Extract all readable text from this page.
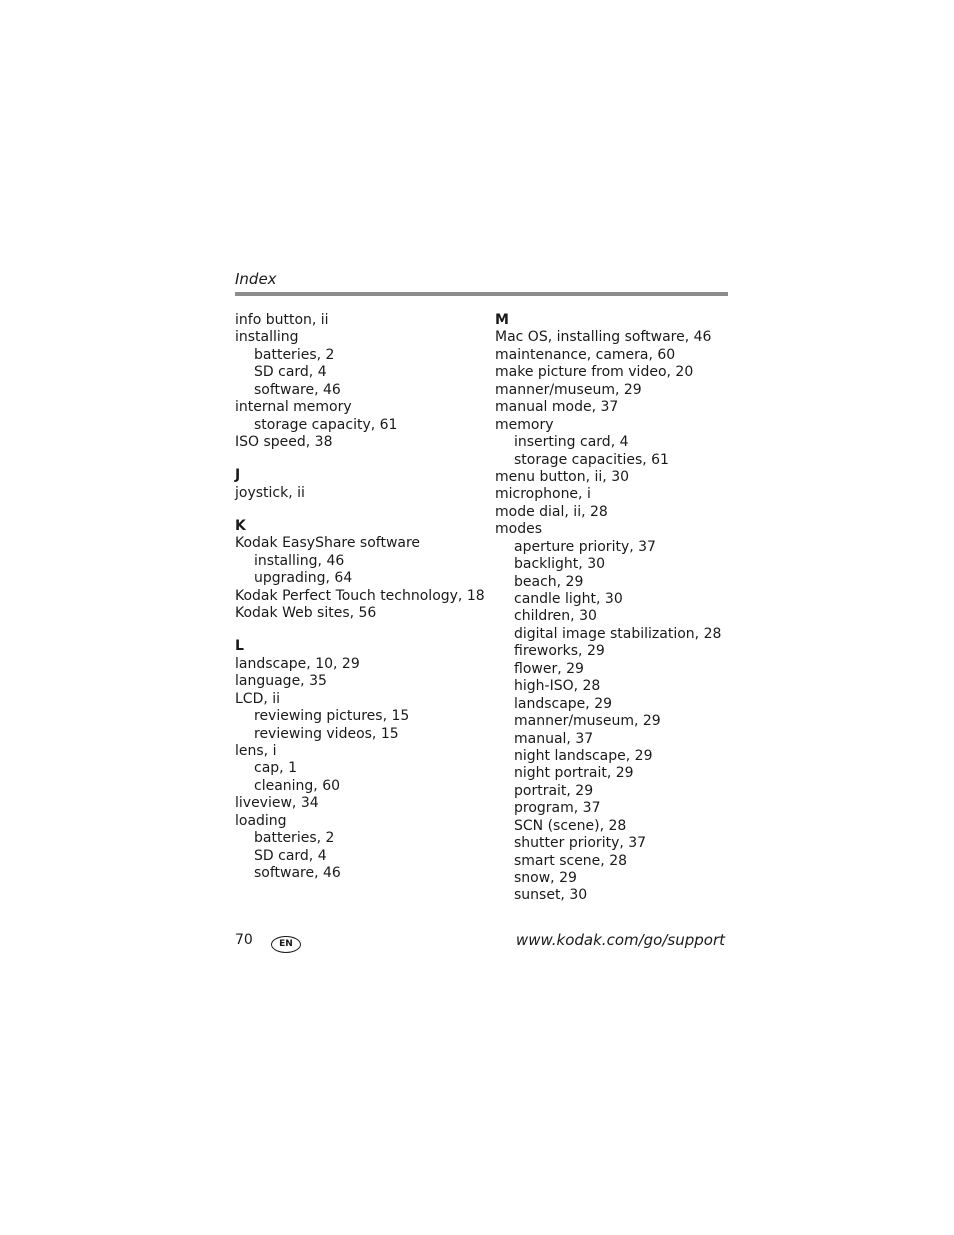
Index
info button, ii
installing
batteries, 2
SD card, 4
software, 46
internal memory
storage capacity, 61
ISO speed, 38
J
joystick, ii
K
Kodak EasyShare software
installing, 46
upgrading, 64
Kodak Perfect Touch technology, 18
Kodak Web sites, 56
L
landscape, 10, 29
language, 35
LCD, ii
reviewing pictures, 15
reviewing videos, 15
lens, i
cap, 1
cleaning, 60
liveview, 34
loading
batteries, 2
SD card, 4
software, 46
M
Mac OS, installing software, 46
maintenance, camera, 60
make picture from video, 20
manner/museum, 29
manual mode, 37
memory
inserting card, 4
storage capacities, 61
menu button, ii, 30
microphone, i
mode dial, ii, 28
modes
aperture priority, 37
backlight, 30
beach, 29
candle light, 30
children, 30
digital image stabilization, 28
fireworks, 29
flower, 29
high-ISO, 28
landscape, 29
manner/museum, 29
manual, 37
night landscape, 29
night portrait, 29
portrait, 29
program, 37
SCN (scene), 28
shutter priority, 37
smart scene, 28
snow, 29
sunset, 30
70	EN	www.kodak.com/go/support
